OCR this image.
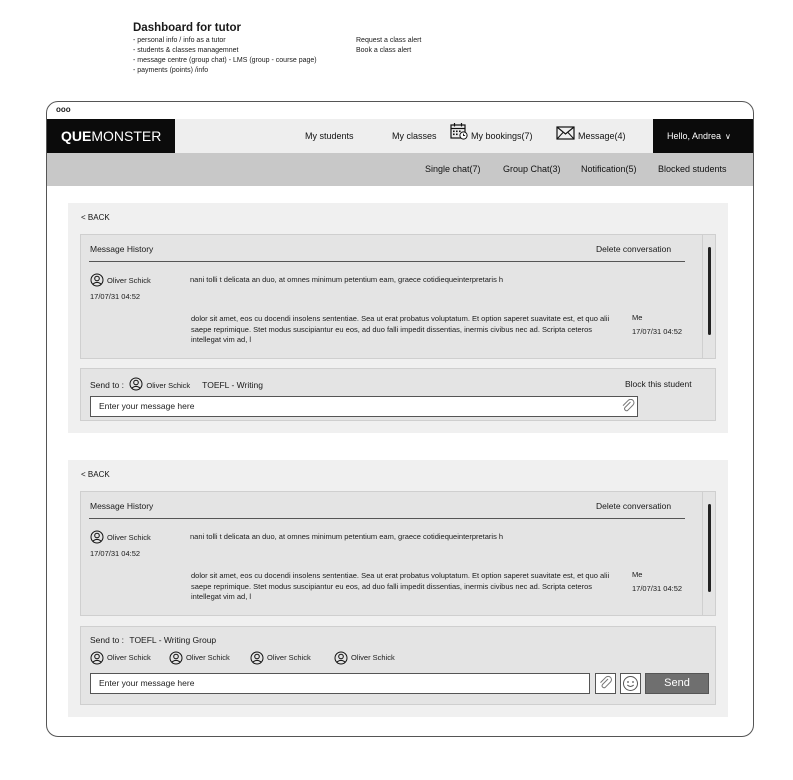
Dashboard for tutor
- personal info / info as a tutor
- students & classes managemnet
- message centre (group chat) - LMS (group - course page)
- payments (points) /info
Request a class alert
Book a class alert
ooo
QUEMONSTER	My students	My classes	My bookings(7)	Message(4)	Hello, Andrea ∨
Single chat(7) Group Chat(3) Notification(5) Blocked students
< BACK
Message History	Delete conversation
Oliver Schick
17/07/31 04:52
nani tolli t delicata an duo, at omnes minimum petentium eam, graece cotidiequeinterpretaris h
dolor sit amet, eos cu docendi insolens sententiae. Sea ut erat probatus voluptatum. Et option saperet suavitate est, et quo alii saepe reprimique. Stet modus suscipiantur eu eos, ad duo falli impedit dissentias, inermis civibus nec ad. Scripta ceteros intellegat vim ad, l
Me
17/07/31 04:52
Send to :	Oliver Schick TOEFL - Writing	Block this student
Enter your message here
< BACK
Message History	Delete conversation
Oliver Schick
17/07/31 04:52
nani tolli t delicata an duo, at omnes minimum petentium eam, graece cotidiequeinterpretaris h
dolor sit amet, eos cu docendi insolens sententiae. Sea ut erat probatus voluptatum. Et option saperet suavitate est, et quo alii saepe reprimique. Stet modus suscipiantur eu eos, ad duo falli impedit dissentias, inermis civibus nec ad. Scripta ceteros intellegat vim ad, l
Me
17/07/31 04:52
Send to : TOEFL - Writing Group
Oliver Schick	Oliver Schick	Oliver Schick	Oliver Schick
Enter your message here	Send
